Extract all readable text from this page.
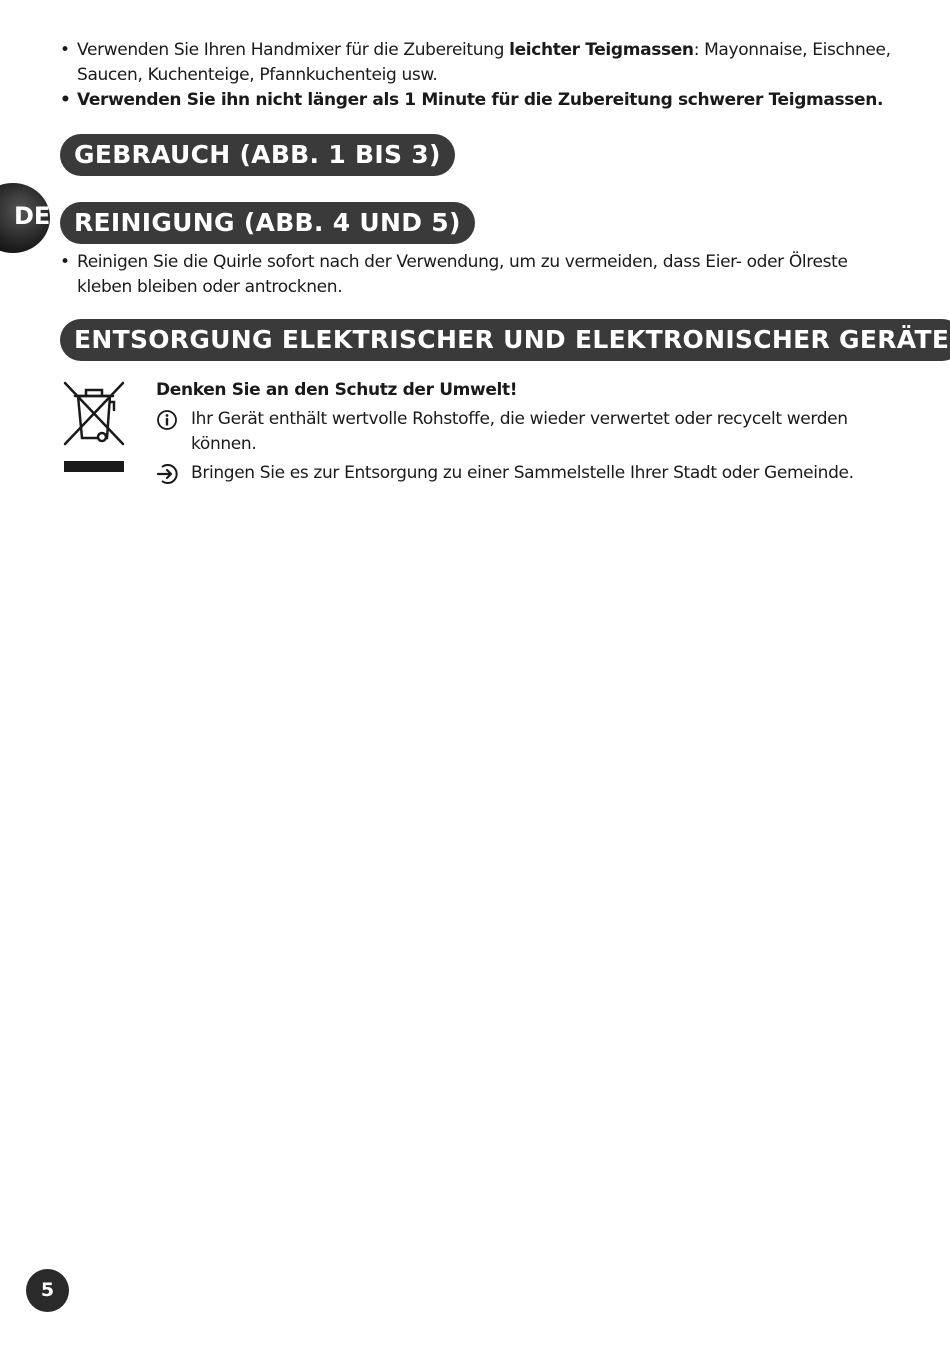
• Verwenden Sie Ihren Handmixer für die Zubereitung leichter Teigmassen: Mayonnaise, Eischnee, Saucen, Kuchenteige, Pfannkuchenteig usw.
• Verwenden Sie ihn nicht länger als 1 Minute für die Zubereitung schwerer Teigmassen.
GEBRAUCH (ABB. 1 BIS 3)
DE REINIGUNG (ABB. 4 UND 5)
• Reinigen Sie die Quirle sofort nach der Verwendung, um zu vermeiden, dass Eier- oder Ölreste kleben bleiben oder antrocknen.
ENTSORGUNG ELEKTRISCHER UND ELEKTRONISCHER GERÄTE
Denken Sie an den Schutz der Umwelt!
Ihr Gerät enthält wertvolle Rohstoffe, die wieder verwertet oder recycelt werden können.
Bringen Sie es zur Entsorgung zu einer Sammelstelle Ihrer Stadt oder Gemeinde.
5
